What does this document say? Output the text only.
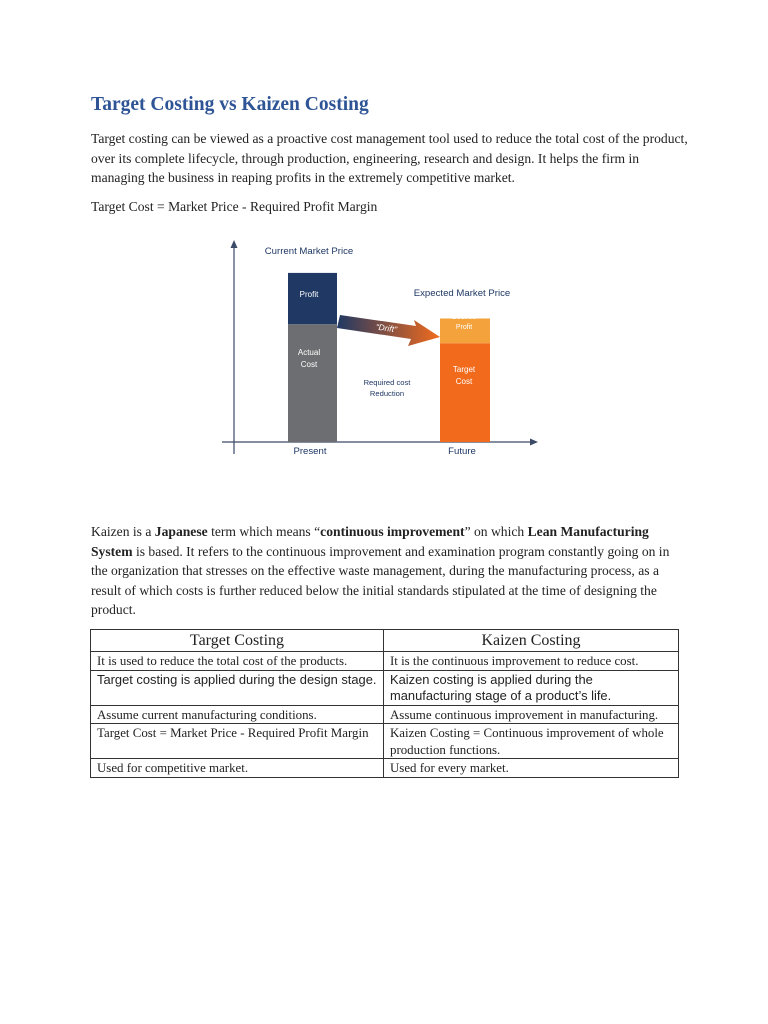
Target Costing vs Kaizen Costing

Target costing can be viewed as a proactive cost management tool used to reduce the total cost of the product, over its complete lifecycle, through production, engineering, research and design. It helps the firm in managing the business in reaping profits in the extremely competitive market.

Target Cost = Market Price - Required Profit Margin

“Drift”
Current Market Price
Expected Market Price
Required cost
Reduction
Profit
Actual
Cost
Desired
Profit
Target
Cost
Present	Future

Kaizen is a Japanese term which means “continuous improvement” on which Lean Manufacturing System is based. It refers to the continuous improvement and examination program constantly going on in the organization that stresses on the effective waste management, during the manufacturing process, as a result of which costs is further reduced below the initial standards stipulated at the time of designing the product.

Target Costing	Kaizen Costing
It is used to reduce the total cost of the products.	It is the continuous improvement to reduce cost.
Target costing is applied during the design stage.	Kaizen costing is applied during the manufacturing stage of a product’s life.
Assume current manufacturing conditions.	Assume continuous improvement in manufacturing.
Target Cost = Market Price - Required Profit Margin	Kaizen Costing = Continuous improvement of whole production functions.
Used for competitive market.	Used for every market.
